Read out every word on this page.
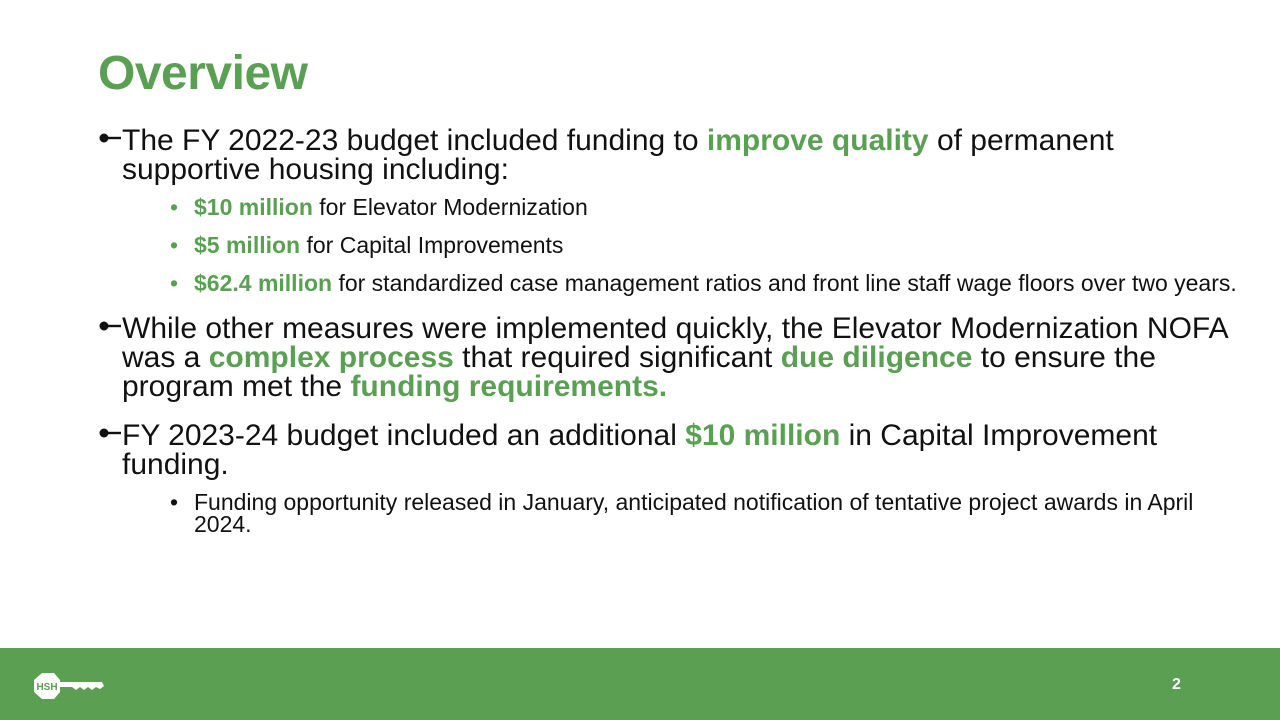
Overview
The FY 2022-23 budget included funding to improve quality of permanent supportive housing including:
• $10 million for Elevator Modernization
• $5 million for Capital Improvements
• $62.4 million for standardized case management ratios and front line staff wage floors over two years.
While other measures were implemented quickly, the Elevator Modernization NOFA was a complex process that required significant due diligence to ensure the program met the funding requirements.
FY 2023-24 budget included an additional $10 million in Capital Improvement funding.
• Funding opportunity released in January, anticipated notification of tentative project awards in April 2024.
HSH	2
